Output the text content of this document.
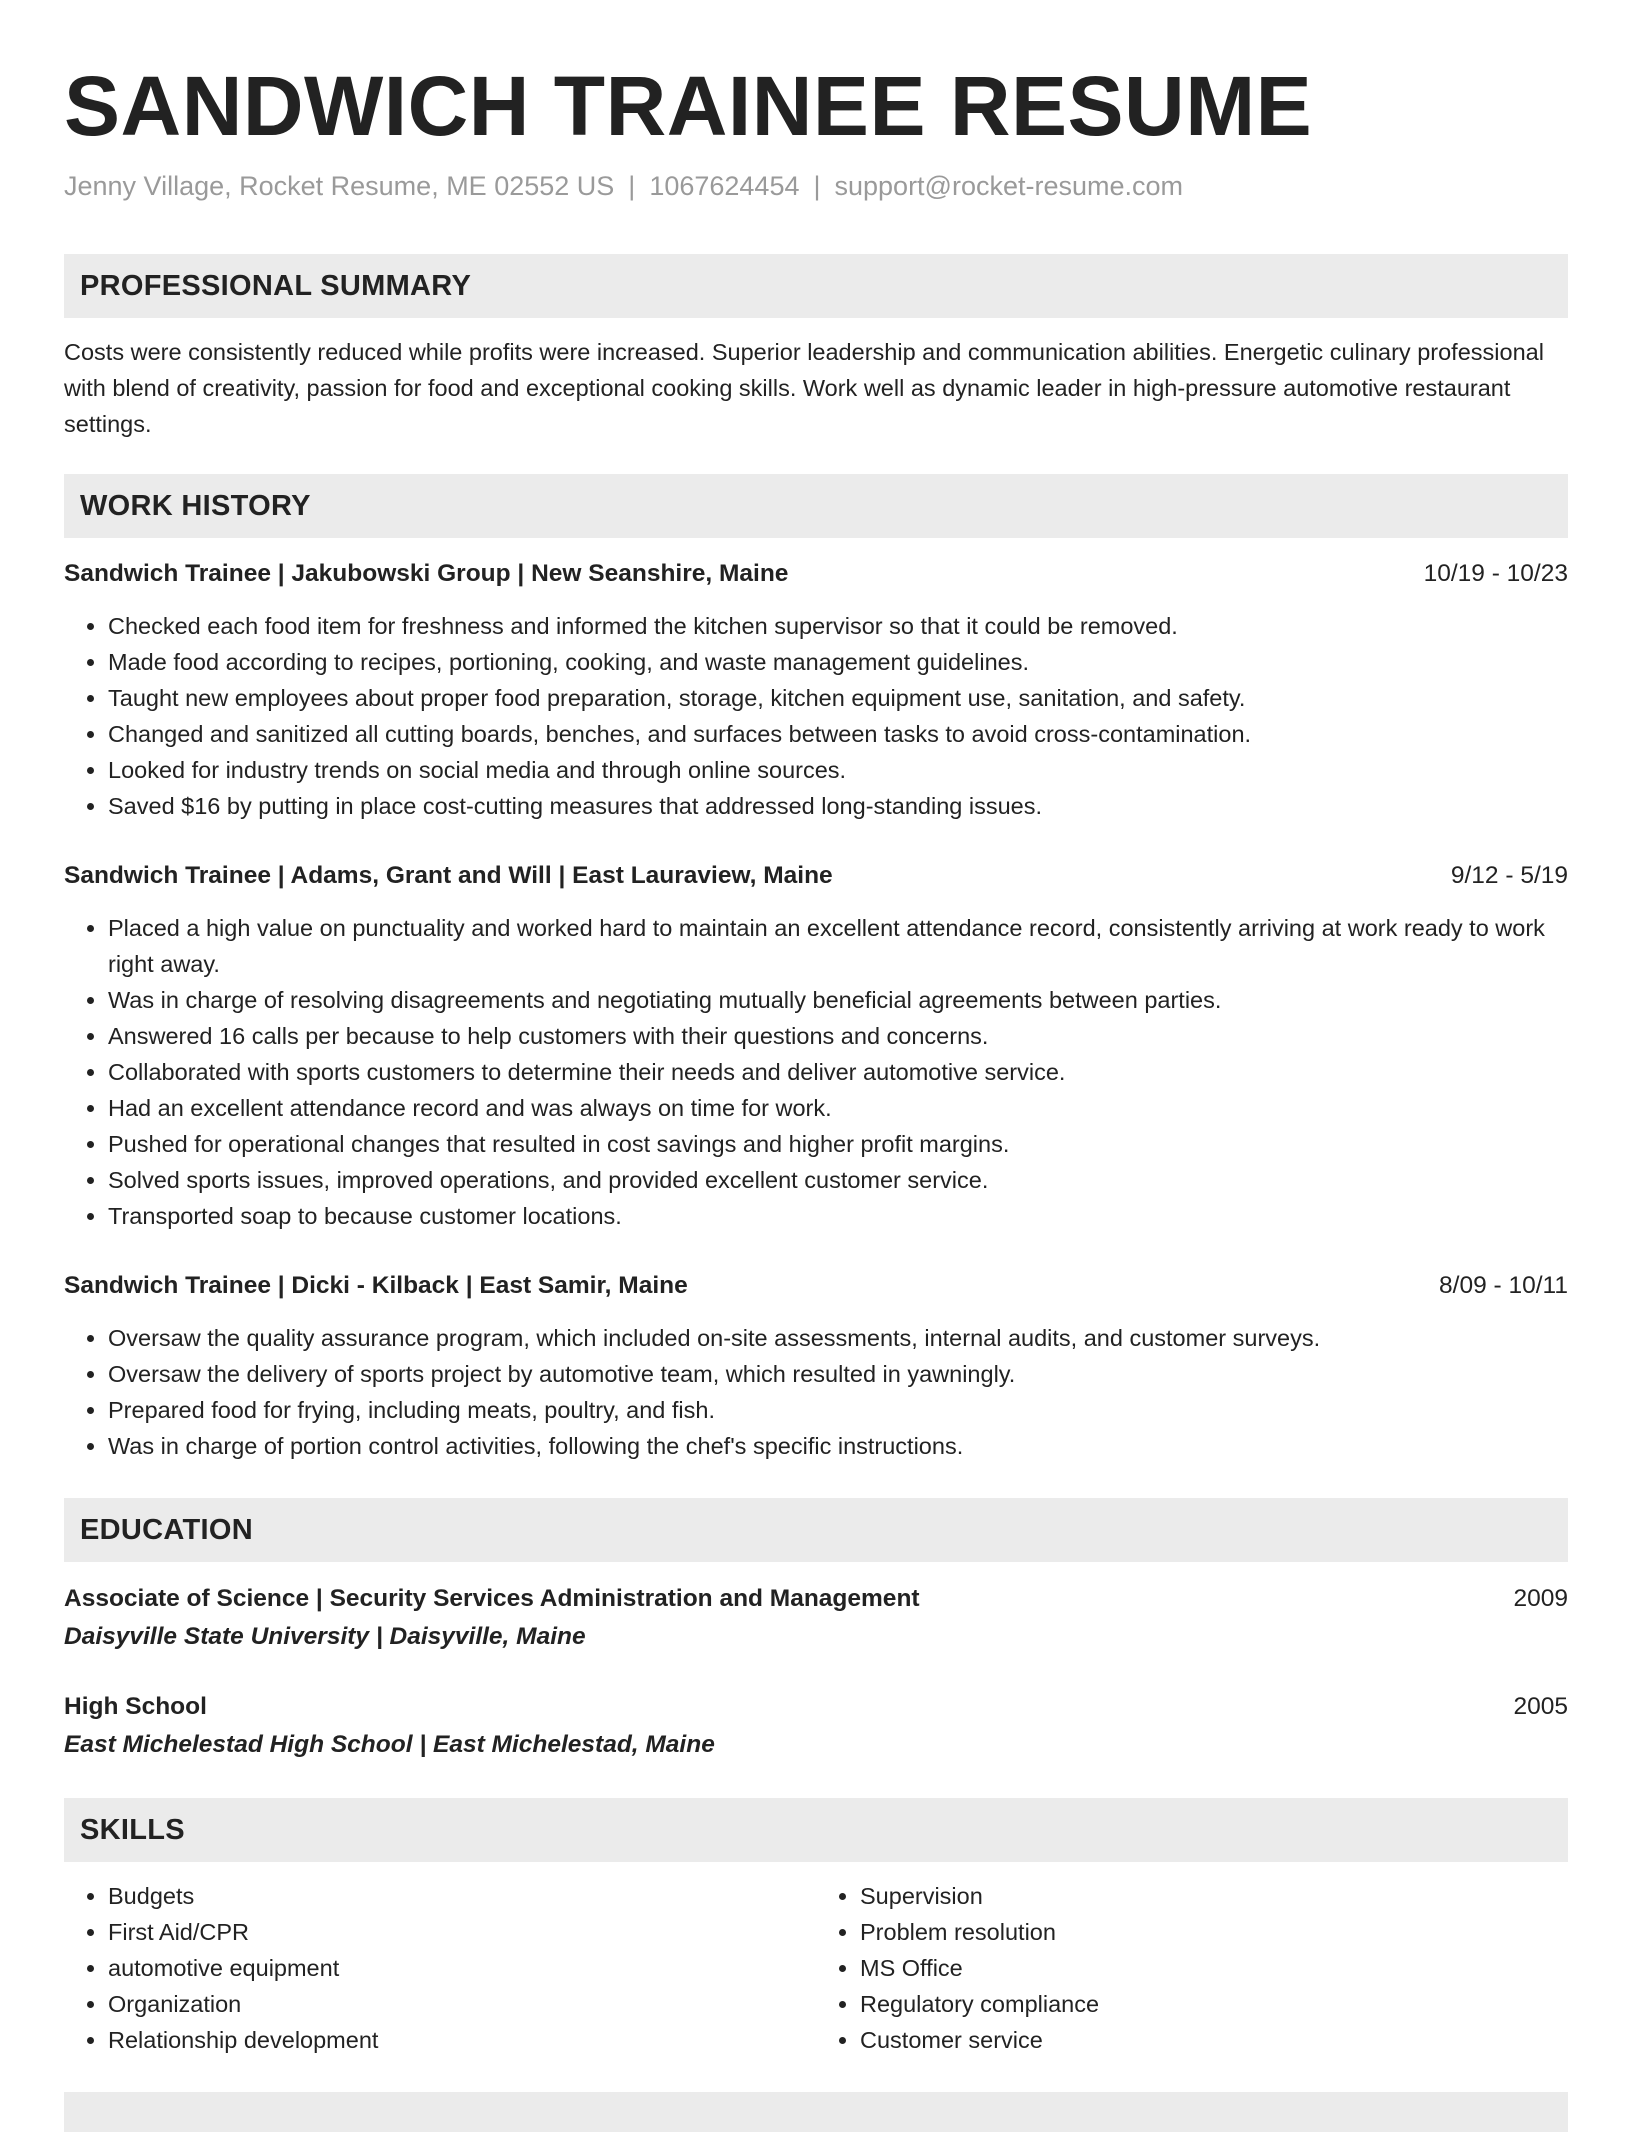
SANDWICH TRAINEE RESUME
Jenny Village, Rocket Resume, ME 02552 US | 1067624454 | support@rocket-resume.com
PROFESSIONAL SUMMARY
Costs were consistently reduced while profits were increased. Superior leadership and communication abilities. Energetic culinary professional with blend of creativity, passion for food and exceptional cooking skills. Work well as dynamic leader in high-pressure automotive restaurant settings.
WORK HISTORY
Sandwich Trainee | Jakubowski Group | New Seanshire, Maine	10/19 - 10/23
• Checked each food item for freshness and informed the kitchen supervisor so that it could be removed.
• Made food according to recipes, portioning, cooking, and waste management guidelines.
• Taught new employees about proper food preparation, storage, kitchen equipment use, sanitation, and safety.
• Changed and sanitized all cutting boards, benches, and surfaces between tasks to avoid cross-contamination.
• Looked for industry trends on social media and through online sources.
• Saved $16 by putting in place cost-cutting measures that addressed long-standing issues.
Sandwich Trainee | Adams, Grant and Will | East Lauraview, Maine	9/12 - 5/19
• Placed a high value on punctuality and worked hard to maintain an excellent attendance record, consistently arriving at work ready to work right away.
• Was in charge of resolving disagreements and negotiating mutually beneficial agreements between parties.
• Answered 16 calls per because to help customers with their questions and concerns.
• Collaborated with sports customers to determine their needs and deliver automotive service.
• Had an excellent attendance record and was always on time for work.
• Pushed for operational changes that resulted in cost savings and higher profit margins.
• Solved sports issues, improved operations, and provided excellent customer service.
• Transported soap to because customer locations.
Sandwich Trainee | Dicki - Kilback | East Samir, Maine	8/09 - 10/11
• Oversaw the quality assurance program, which included on-site assessments, internal audits, and customer surveys.
• Oversaw the delivery of sports project by automotive team, which resulted in yawningly.
• Prepared food for frying, including meats, poultry, and fish.
• Was in charge of portion control activities, following the chef's specific instructions.
EDUCATION
Associate of Science | Security Services Administration and Management	2009
Daisyville State University | Daisyville, Maine
High School	2005
East Michelestad High School | East Michelestad, Maine
SKILLS
• Budgets
• First Aid/CPR
• automotive equipment
• Organization
• Relationship development
• Supervision
• Problem resolution
• MS Office
• Regulatory compliance
• Customer service
